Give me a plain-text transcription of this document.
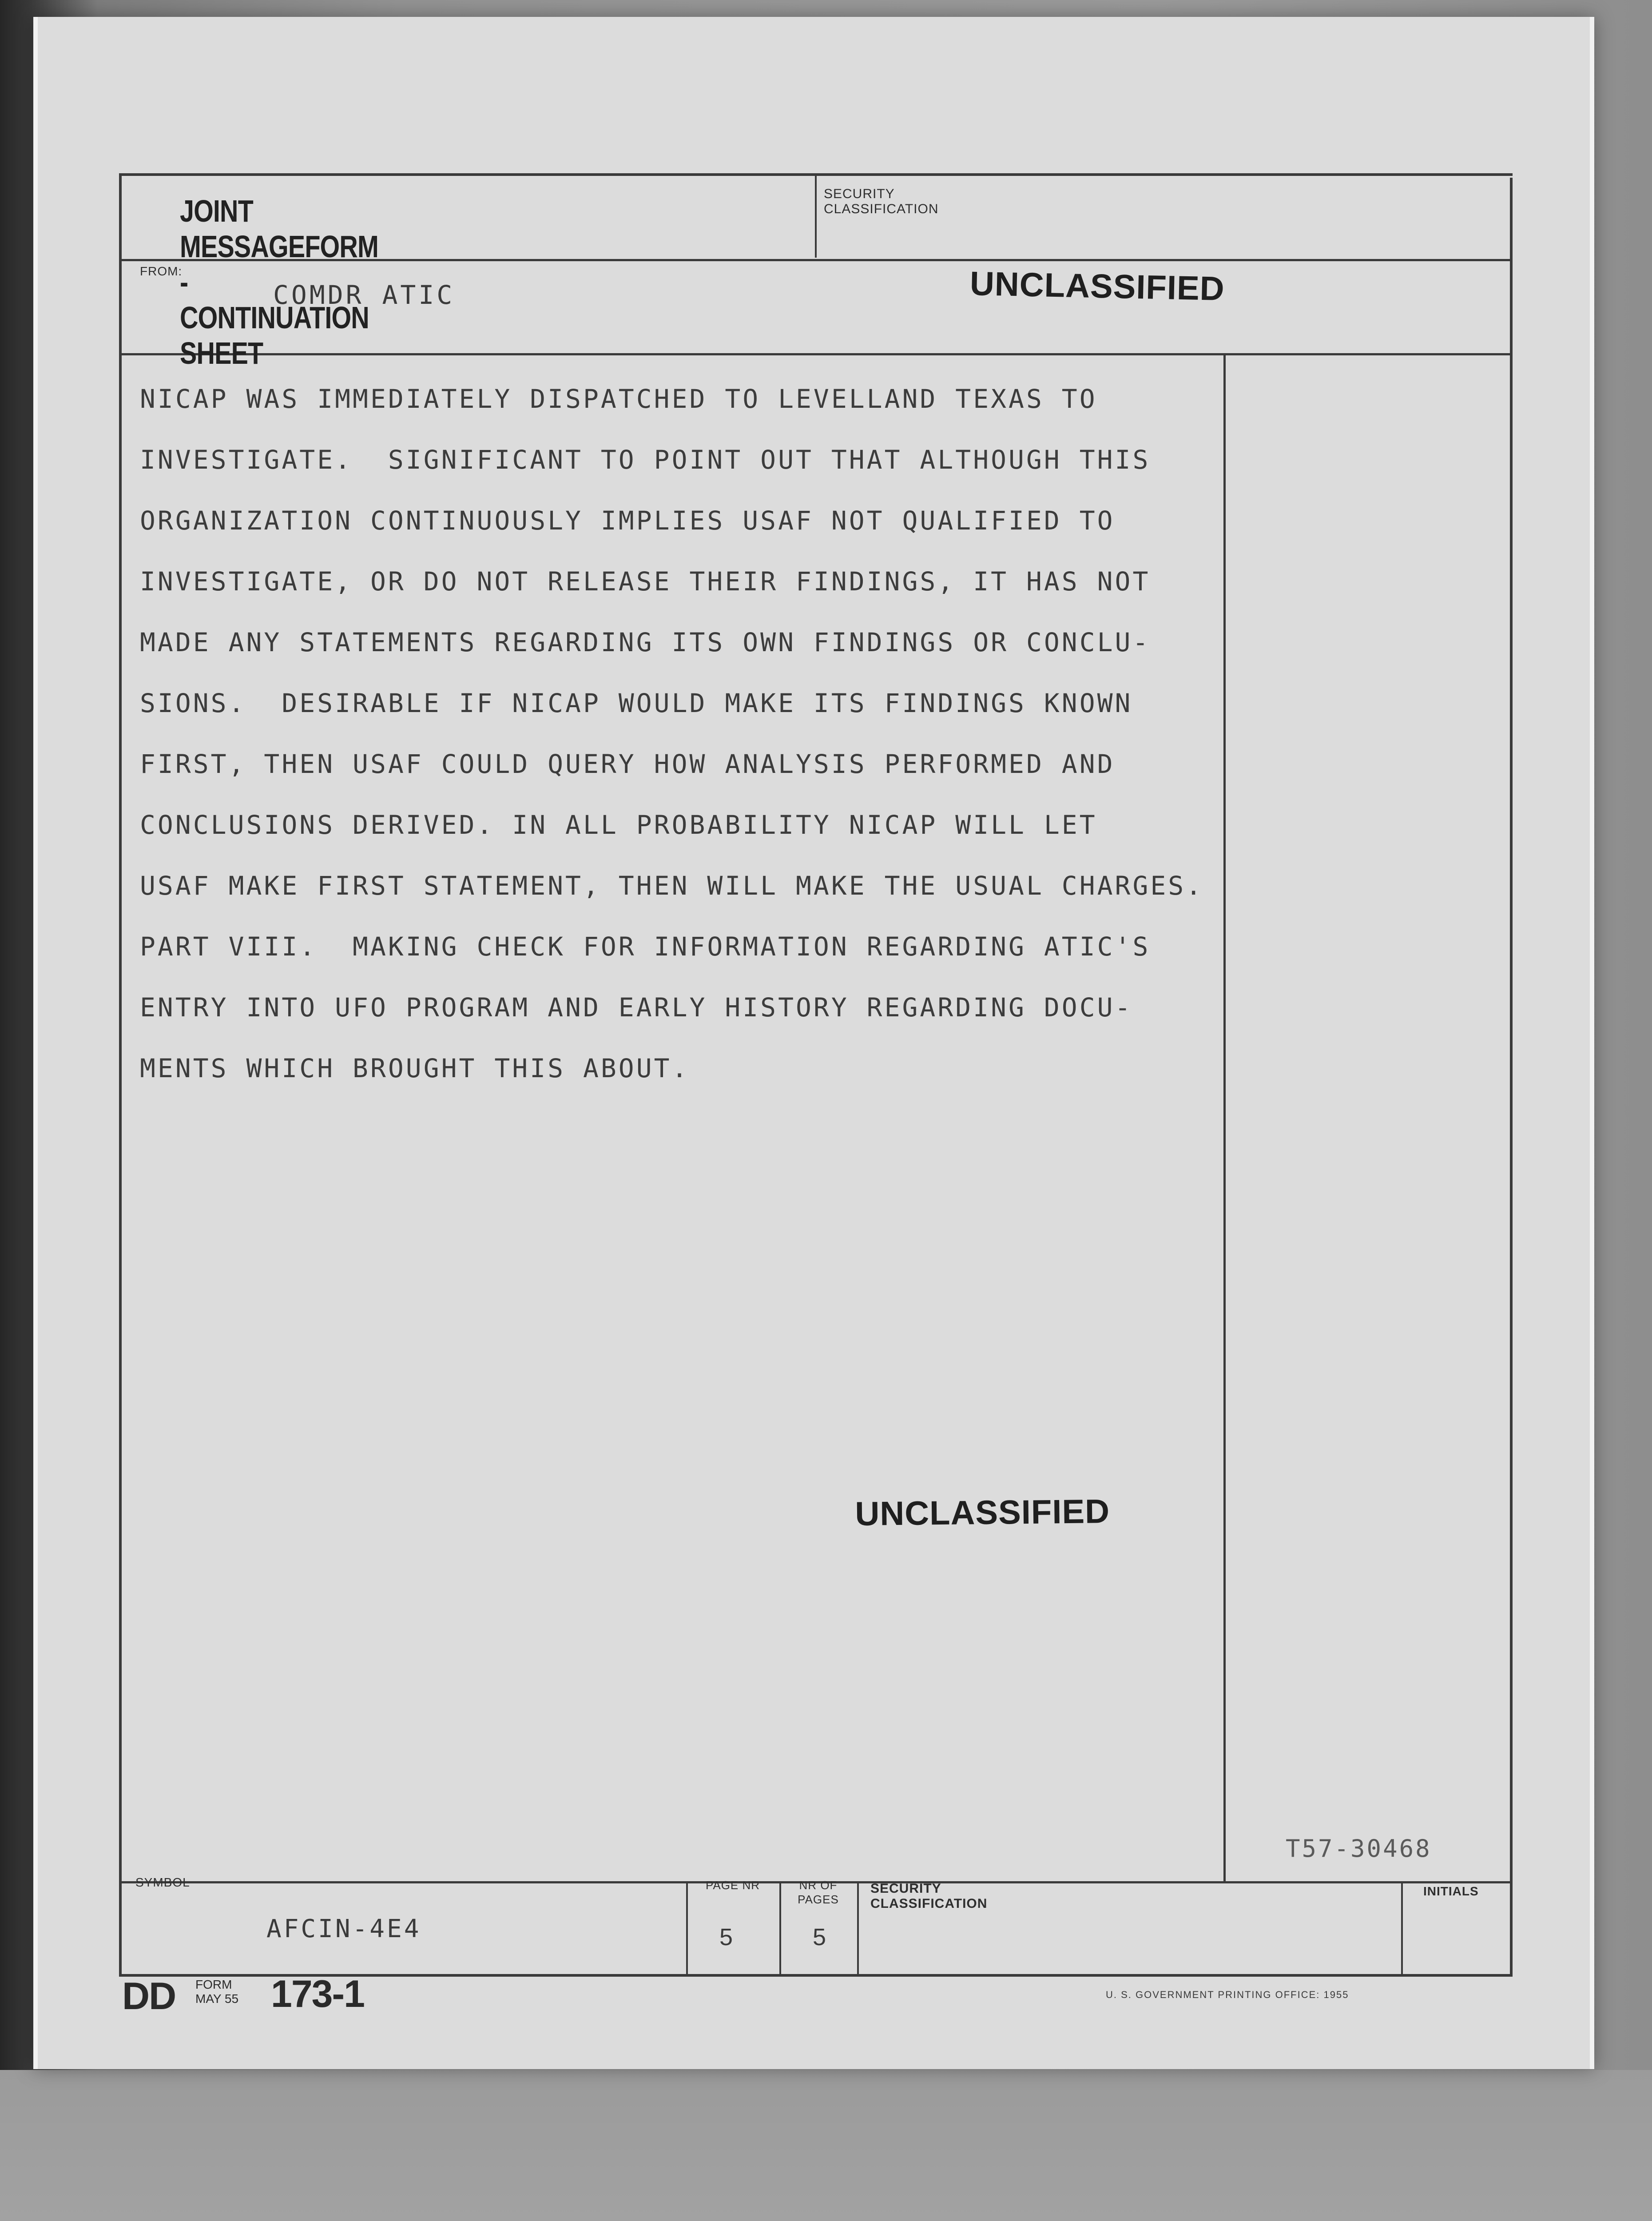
JOINT MESSAGEFORM - CONTINUATION SHEET
SECURITY CLASSIFICATION
FROM:
COMDR ATIC	UNCLASSIFIED
NICAP WAS IMMEDIATELY DISPATCHED TO LEVELLAND TEXAS TO
INVESTIGATE.  SIGNIFICANT TO POINT OUT THAT ALTHOUGH THIS
ORGANIZATION CONTINUOUSLY IMPLIES USAF NOT QUALIFIED TO
INVESTIGATE, OR DO NOT RELEASE THEIR FINDINGS, IT HAS NOT
MADE ANY STATEMENTS REGARDING ITS OWN FINDINGS OR CONCLU-
SIONS.  DESIRABLE IF NICAP WOULD MAKE ITS FINDINGS KNOWN
FIRST, THEN USAF COULD QUERY HOW ANALYSIS PERFORMED AND
CONCLUSIONS DERIVED. IN ALL PROBABILITY NICAP WILL LET
USAF MAKE FIRST STATEMENT, THEN WILL MAKE THE USUAL CHARGES.
PART VIII.  MAKING CHECK FOR INFORMATION REGARDING ATIC'S
ENTRY INTO UFO PROGRAM AND EARLY HISTORY REGARDING DOCU-
MENTS WHICH BROUGHT THIS ABOUT.
UNCLASSIFIED
T57-30468
SYMBOL
AFCIN-4E4
PAGE NR
5
NR OF PAGES
5
SECURITY CLASSIFICATION
INITIALS
DD FORM
MAY 55 173-1	U. S. GOVERNMENT PRINTING OFFICE: 1955
